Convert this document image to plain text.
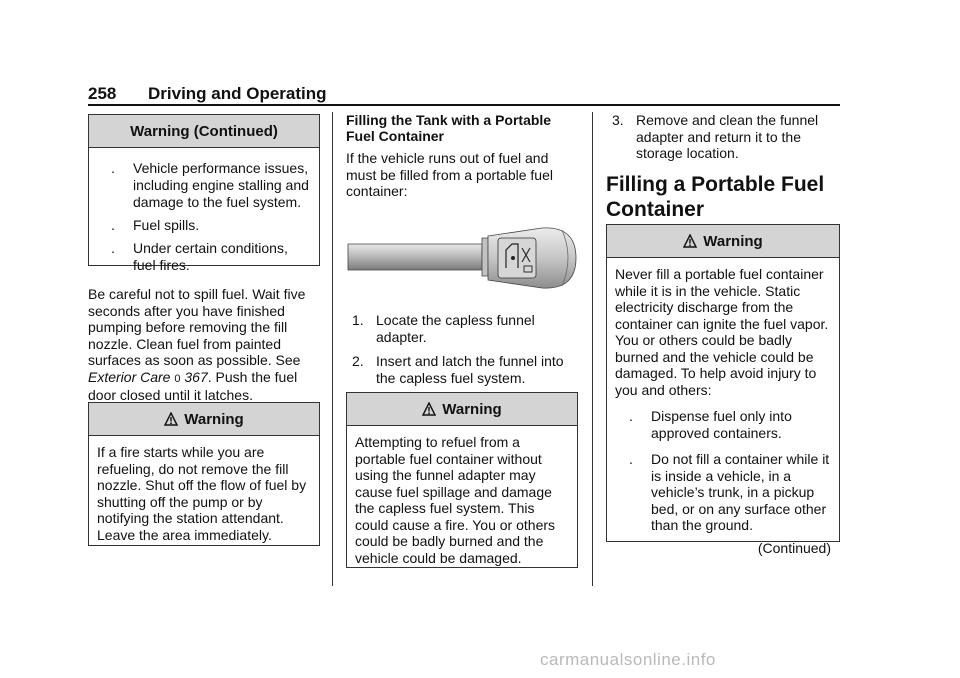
258 Driving and Operating
Warning (Continued)
.	Vehicle performance issues, including engine stalling and damage to the fuel system.
.	Fuel spills.
.	Under certain conditions, fuel fires.

Be careful not to spill fuel. Wait five seconds after you have finished pumping before removing the fill nozzle. Clean fuel from painted surfaces as soon as possible. See Exterior Care 0 367. Push the fuel door closed until it latches.

Warning
If a fire starts while you are refueling, do not remove the fill nozzle. Shut off the flow of fuel by shutting off the pump or by notifying the station attendant. Leave the area immediately.
Filling the Tank with a Portable Fuel Container
If the vehicle runs out of fuel and must be filled from a portable fuel container:
1. Locate the capless funnel adapter.
2. Insert and latch the funnel into the capless fuel system.
Warning
Attempting to refuel from a portable fuel container without using the funnel adapter may cause fuel spillage and damage the capless fuel system. This could cause a fire. You or others could be badly burned and the vehicle could be damaged.
3. Remove and clean the funnel adapter and return it to the storage location.
Filling a Portable Fuel Container
Warning
Never fill a portable fuel container while it is in the vehicle. Static electricity discharge from the container can ignite the fuel vapor. You or others could be badly burned and the vehicle could be damaged. To help avoid injury to you and others:
.	Dispense fuel only into approved containers.
.	Do not fill a container while it is inside a vehicle, in a vehicle’s trunk, in a pickup bed, or on any surface other than the ground.
(Continued)
carmanualsonline.info
